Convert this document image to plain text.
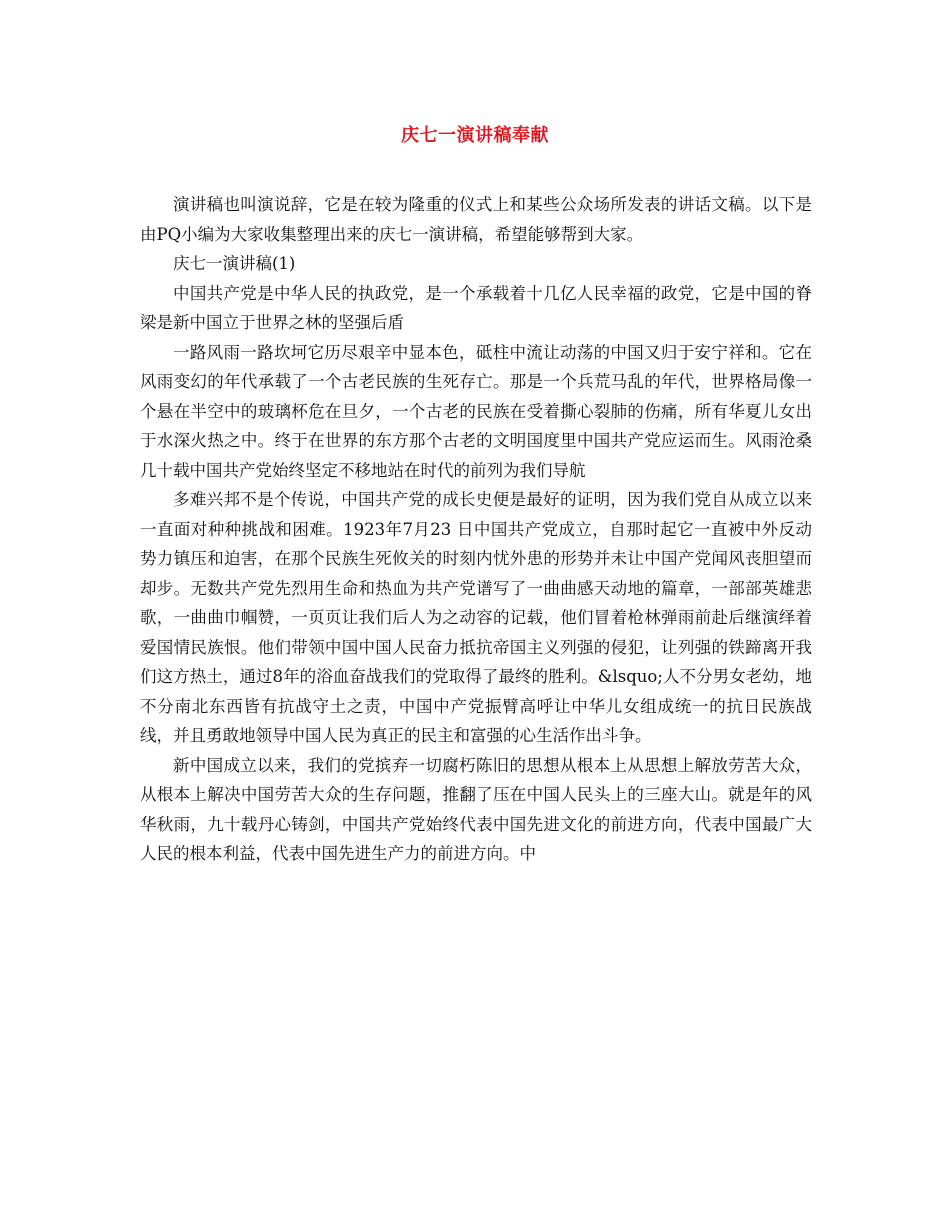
庆七一演讲稿奉献

演讲稿也叫演说辞，它是在较为隆重的仪式上和某些公众场所发表的讲话文稿。以下是由PQ小编为大家收集整理出来的庆七一演讲稿，希望能够帮到大家。

庆七一演讲稿(1)

中国共产党是中华人民的执政党，是一个承载着十几亿人民幸福的政党，它是中国的脊梁是新中国立于世界之林的坚强后盾

一路风雨一路坎坷它历尽艰辛中显本色，砥柱中流让动荡的中国又归于安宁祥和。它在风雨变幻的年代承载了一个古老民族的生死存亡。那是一个兵荒马乱的年代，世界格局像一个悬在半空中的玻璃杯危在旦夕，一个古老的民族在受着撕心裂肺的伤痛，所有华夏儿女出于水深火热之中。终于在世界的东方那个古老的文明国度里中国共产党应运而生。风雨沧桑几十载中国共产党始终坚定不移地站在时代的前列为我们导航

多难兴邦不是个传说，中国共产党的成长史便是最好的证明，因为我们党自从成立以来一直面对种种挑战和困难。1923年7月23 日中国共产党成立，自那时起它一直被中外反动势力镇压和迫害，在那个民族生死攸关的时刻内忧外患的形势并未让中国产党闻风丧胆望而却步。无数共产党先烈用生命和热血为共产党谱写了一曲曲感天动地的篇章，一部部英雄悲歌，一曲曲巾帼赞，一页页让我们后人为之动容的记载，他们冒着枪林弹雨前赴后继演绎着爱国情民族恨。他们带领中国中国人民奋力抵抗帝国主义列强的侵犯，让列强的铁蹄离开我们这方热土，通过8年的浴血奋战我们的党取得了最终的胜利。&lsquo;人不分男女老幼，地不分南北东西皆有抗战守土之责，中国中产党振臂高呼让中华儿女组成统一的抗日民族战线，并且勇敢地领导中国人民为真正的民主和富强的心生活作出斗争。

新中国成立以来，我们的党摈弃一切腐朽陈旧的思想从根本上从思想上解放劳苦大众，从根本上解决中国劳苦大众的生存问题，推翻了压在中国人民头上的三座大山。就是年的风华秋雨，九十载丹心铸剑，中国共产党始终代表中国先进文化的前进方向，代表中国最广大人民的根本利益，代表中国先进生产力的前进方向。中
